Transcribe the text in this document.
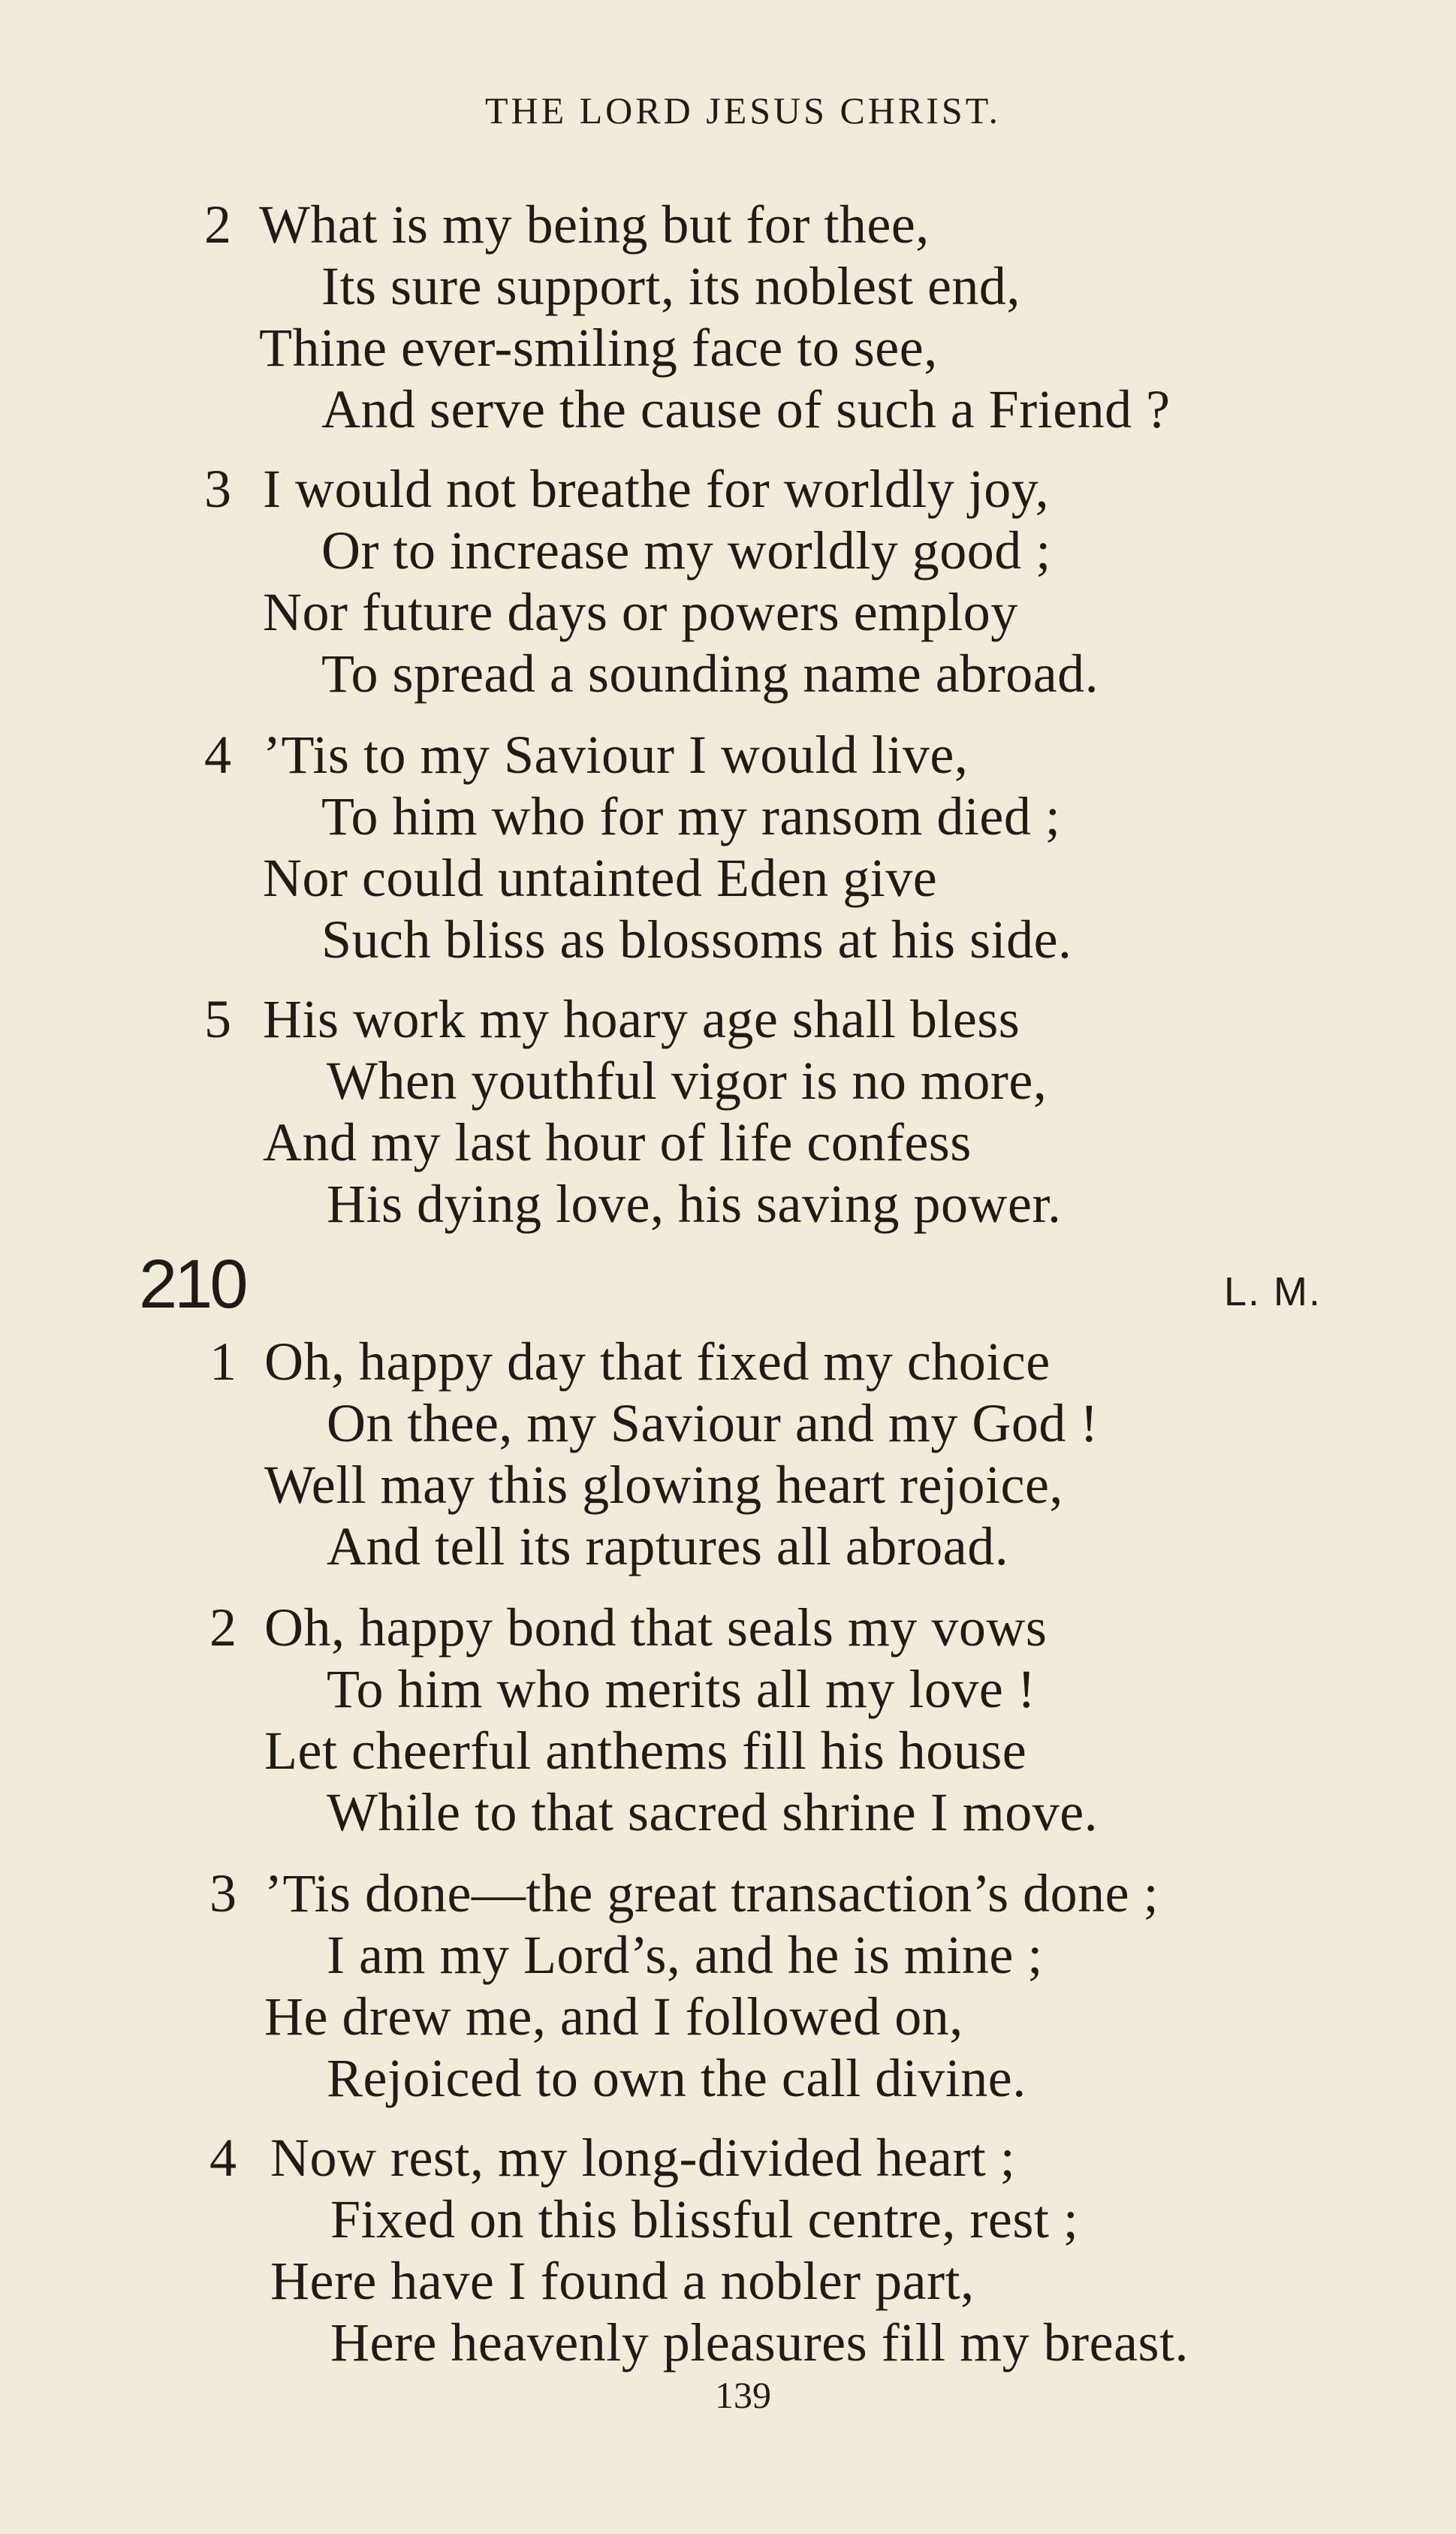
THE LORD JESUS CHRIST.
2 What is my being but for thee,
Its sure support, its noblest end,
Thine ever-smiling face to see,
And serve the cause of such a Friend ?
3 I would not breathe for worldly joy,
Or to increase my worldly good ;
Nor future days or powers employ
To spread a sounding name abroad.
4 ’Tis to my Saviour I would live,
To him who for my ransom died ;
Nor could untainted Eden give
Such bliss as blossoms at his side.
5 His work my hoary age shall bless
When youthful vigor is no more,
And my last hour of life confess
His dying love, his saving power.
210	L. M.
1 Oh, happy day that fixed my choice
On thee, my Saviour and my God !
Well may this glowing heart rejoice,
And tell its raptures all abroad.
2 Oh, happy bond that seals my vows
To him who merits all my love !
Let cheerful anthems fill his house
While to that sacred shrine I move.
3 ’Tis done—the great transaction’s done ;
I am my Lord’s, and he is mine ;
He drew me, and I followed on,
Rejoiced to own the call divine.
4 Now rest, my long-divided heart ;
Fixed on this blissful centre, rest ;
Here have I found a nobler part,
Here heavenly pleasures fill my breast.
139
